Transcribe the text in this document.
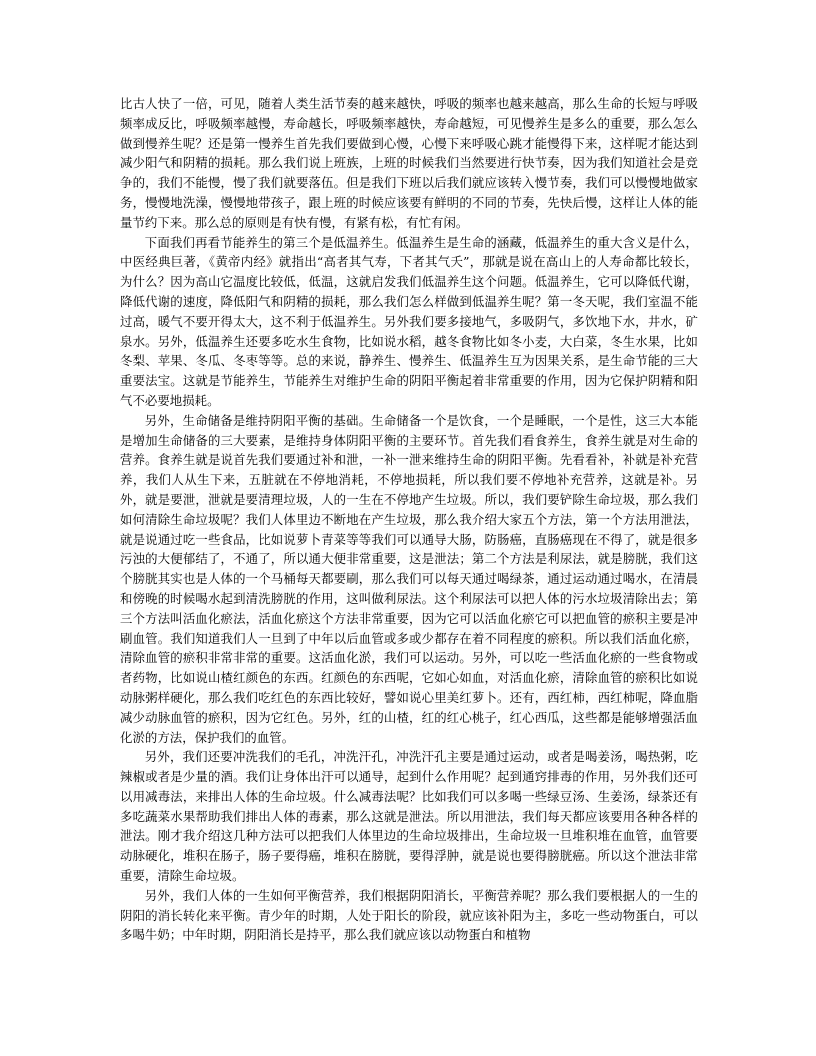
比古人快了一倍，可见，随着人类生活节奏的越来越快，呼吸的频率也越来越高，那么生命的长短与呼吸频率成反比，呼吸频率越慢，寿命越长，呼吸频率越快，寿命越短，可见慢养生是多么的重要，那么怎么做到慢养生呢？还是第一慢养生首先我们要做到心慢，心慢下来呼吸心跳才能慢得下来，这样呢才能达到减少阳气和阴精的损耗。那么我们说上班族，上班的时候我们当然要进行快节奏，因为我们知道社会是竞争的，我们不能慢，慢了我们就要落伍。但是我们下班以后我们就应该转入慢节奏，我们可以慢慢地做家务，慢慢地洗澡，慢慢地带孩子，跟上班的时候应该要有鲜明的不同的节奏，先快后慢，这样让人体的能量节约下来。那么总的原则是有快有慢，有紧有松，有忙有闲。

下面我们再看节能养生的第三个是低温养生。低温养生是生命的涵藏，低温养生的重大含义是什么，中医经典巨著，《黄帝内经》就指出“高者其气寿，下者其气夭”，那就是说在高山上的人寿命都比较长，为什么？因为高山它温度比较低，低温，这就启发我们低温养生这个问题。低温养生，它可以降低代谢，降低代谢的速度，降低阳气和阴精的损耗，那么我们怎么样做到低温养生呢？第一冬天呢，我们室温不能过高，暖气不要开得太大，这不利于低温养生。另外我们要多接地气，多吸阴气，多饮地下水，井水，矿泉水。另外，低温养生还要多吃水生食物，比如说水稻，越冬食物比如冬小麦，大白菜，冬生水果，比如冬梨、苹果、冬瓜、冬枣等等。总的来说，静养生、慢养生、低温养生互为因果关系，是生命节能的三大重要法宝。这就是节能养生，节能养生对维护生命的阴阳平衡起着非常重要的作用，因为它保护阴精和阳气不必要地损耗。

另外，生命储备是维持阴阳平衡的基础。生命储备一个是饮食，一个是睡眠，一个是性，这三大本能是增加生命储备的三大要素，是维持身体阴阳平衡的主要环节。首先我们看食养生，食养生就是对生命的营养。食养生就是说首先我们要通过补和泄，一补一泄来维持生命的阴阳平衡。先看看补，补就是补充营养，我们人从生下来，五脏就在不停地消耗，不停地损耗，所以我们要不停地补充营养，这就是补。另外，就是要泄，泄就是要清理垃圾，人的一生在不停地产生垃圾。所以，我们要铲除生命垃圾，那么我们如何清除生命垃圾呢？我们人体里边不断地在产生垃圾，那么我介绍大家五个方法，第一个方法用泄法，就是说通过吃一些食品，比如说萝卜青菜等等我们可以通导大肠，防肠癌，直肠癌现在不得了，就是很多污浊的大便郁结了，不通了，所以通大便非常重要，这是泄法；第二个方法是利尿法，就是膀胱，我们这个膀胱其实也是人体的一个马桶每天都要刷，那么我们可以每天通过喝绿茶，通过运动通过喝水，在清晨和傍晚的时候喝水起到清洗膀胱的作用，这叫做利尿法。这个利尿法可以把人体的污水垃圾清除出去；第三个方法叫活血化瘀法，活血化瘀这个方法非常重要，因为它可以活血化瘀它可以把血管的瘀积主要是冲刷血管。我们知道我们人一旦到了中年以后血管或多或少都存在着不同程度的瘀积。所以我们活血化瘀，清除血管的瘀积非常非常的重要。这活血化淤，我们可以运动。另外，可以吃一些活血化瘀的一些食物或者药物，比如说山楂红颜色的东西。红颜色的东西呢，它如心如血，对活血化瘀，清除血管的瘀积比如说动脉粥样硬化，那么我们吃红色的东西比较好，譬如说心里美红萝卜。还有，西红柿，西红柿呢，降血脂减少动脉血管的瘀积，因为它红色。另外，红的山楂，红的红心桃子，红心西瓜，这些都是能够增强活血化淤的方法，保护我们的血管。

另外，我们还要冲洗我们的毛孔，冲洗汗孔，冲洗汗孔主要是通过运动，或者是喝姜汤，喝热粥，吃辣椒或者是少量的酒。我们让身体出汗可以通导，起到什么作用呢？起到通窍排毒的作用，另外我们还可以用减毒法，来排出人体的生命垃圾。什么减毒法呢？比如我们可以多喝一些绿豆汤、生姜汤，绿茶还有多吃蔬菜水果帮助我们排出人体的毒素，那么这就是泄法。所以用泄法，我们每天都应该要用各种各样的泄法。刚才我介绍这几种方法可以把我们人体里边的生命垃圾排出，生命垃圾一旦堆积堆在血管，血管要动脉硬化，堆积在肠子，肠子要得癌，堆积在膀胱，要得浮肿，就是说也要得膀胱癌。所以这个泄法非常重要，清除生命垃圾。

另外，我们人体的一生如何平衡营养，我们根据阴阳消长，平衡营养呢？那么我们要根据人的一生的阴阳的消长转化来平衡。青少年的时期，人处于阳长的阶段，就应该补阳为主，多吃一些动物蛋白，可以多喝牛奶；中年时期，阴阳消长是持平，那么我们就应该以动物蛋白和植物
